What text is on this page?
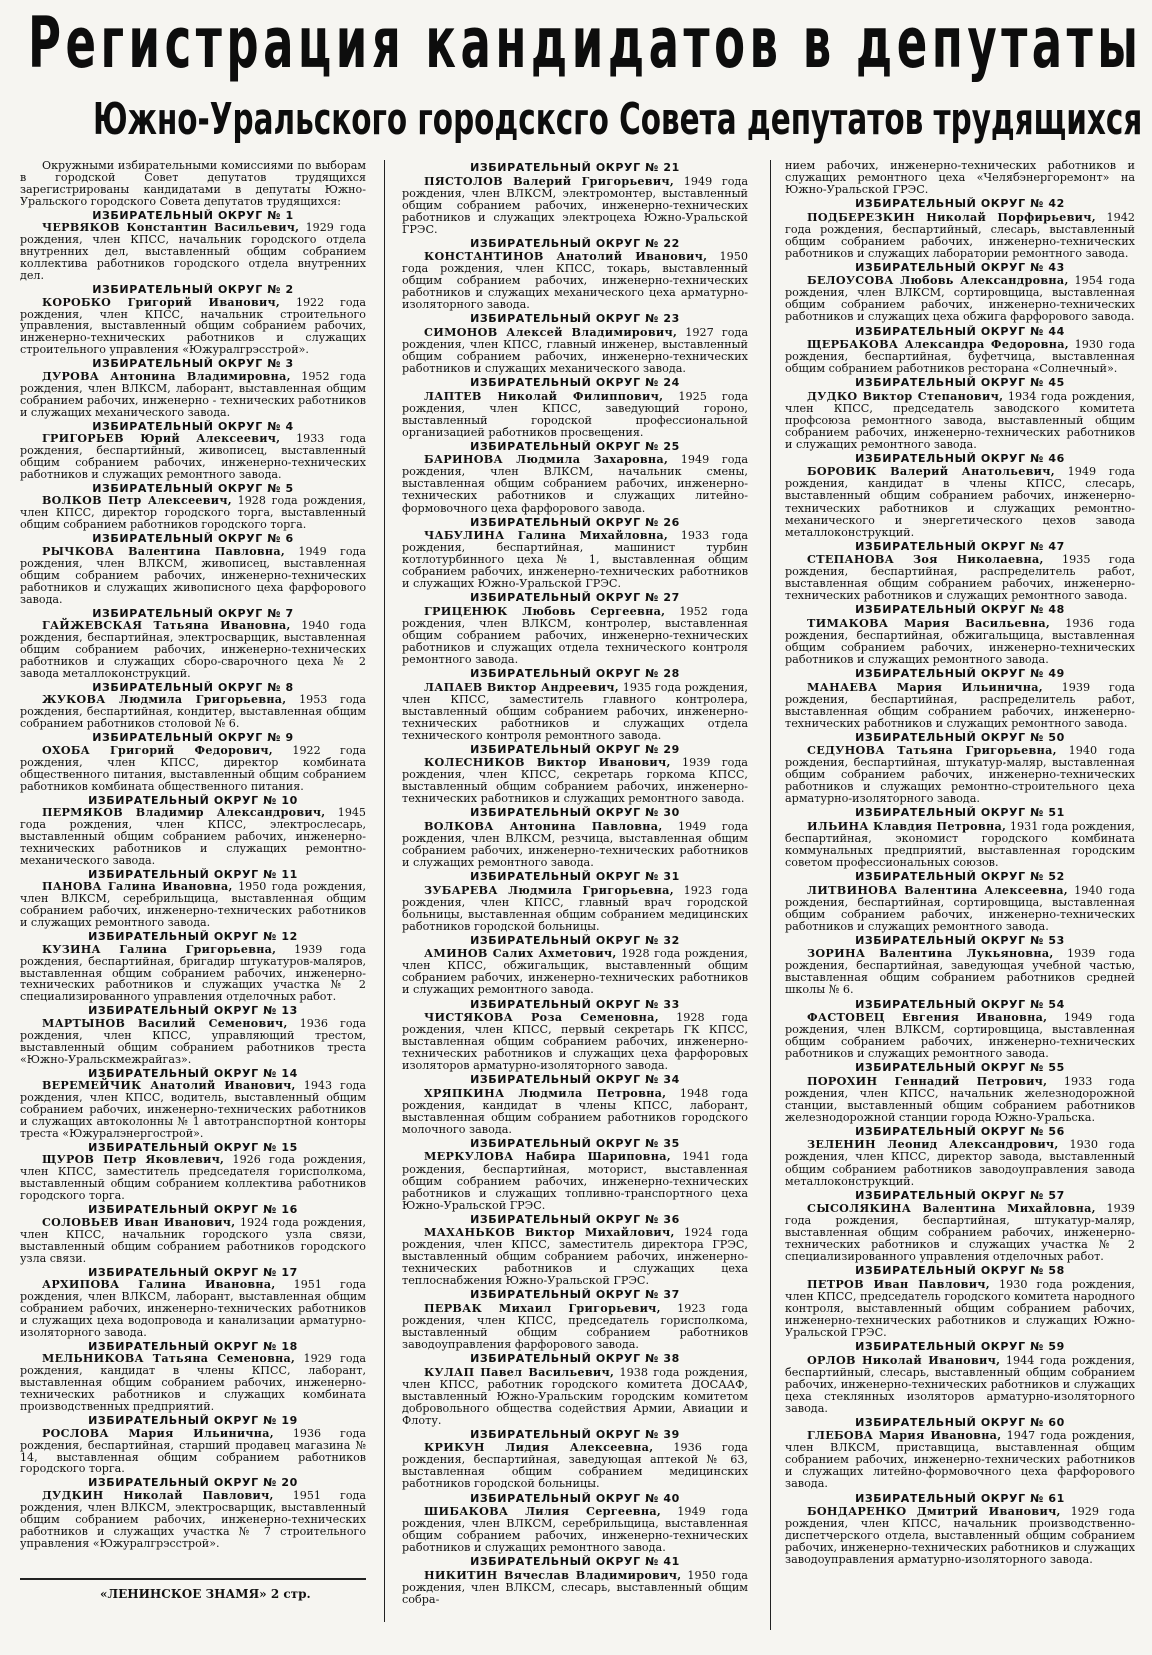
Регистрация кандидатов в депутаты
Южно-Уральского городсксго Совета депутатов трудящихся

Окружными избирательными комиссиями по выборам в городской Совет депутатов трудящихся зарегистрированы кандидатами в депутаты Южно-Уральского городского Совета депутатов трудящихся:

ИЗБИРАТЕЛЬНЫЙ ОКРУГ № 1
ЧЕРВЯКОВ Константин Васильевич, 1929 года рождения, член КПСС, начальник городского отдела внутренних дел, выставленный общим собранием коллектива работников городского отдела внутренних дел.
ИЗБИРАТЕЛЬНЫЙ ОКРУГ № 2
КОРОБКО Григорий Иванович, 1922 года рождения, член КПСС, начальник строительного управления, выставленный общим собранием рабочих, инженерно-технических работников и служащих строительного управления «Южуралгрэсстрой».
ИЗБИРАТЕЛЬНЫЙ ОКРУГ № 3
ДУРОВА Антонина Владимировна, 1952 года рождения, член ВЛКСМ, лаборант, выставленная общим собранием рабочих, инженерно - технических работников и служащих механического завода.
ИЗБИРАТЕЛЬНЫЙ ОКРУГ № 4
ГРИГОРЬЕВ Юрий Алексеевич, 1933 года рождения, беспартийный, живописец, выставленный общим собранием рабочих, инженерно-технических работников и служащих ремонтного завода.
ИЗБИРАТЕЛЬНЫЙ ОКРУГ № 5
ВОЛКОВ Петр Алексеевич, 1928 года рождения, член КПСС, директор городского торга, выставленный общим собранием работников городского торга.
ИЗБИРАТЕЛЬНЫЙ ОКРУГ № 6
РЫЧКОВА Валентина Павловна, 1949 года рождения, член ВЛКСМ, живописец, выставленная общим собранием рабочих, инженерно-технических работников и служащих живописного цеха фарфорового завода.
ИЗБИРАТЕЛЬНЫЙ ОКРУГ № 7
ГАЙЖЕВСКАЯ Татьяна Ивановна, 1940 года рождения, беспартийная, электросварщик, выставленная общим собранием рабочих, инженерно-технических работников и служащих сборо-сварочного цеха № 2 завода металлоконструкций.
ИЗБИРАТЕЛЬНЫЙ ОКРУГ № 8
ЖУКОВА Людмила Григорьевна, 1953 года рождения, беспартийная, кондитер, выставленная общим собранием работников столовой № 6.
ИЗБИРАТЕЛЬНЫЙ ОКРУГ № 9
ОХОБА Григорий Федорович, 1922 года рождения, член КПСС, директор комбината общественного питания, выставленный общим собранием работников комбината общественного питания.
ИЗБИРАТЕЛЬНЫЙ ОКРУГ № 10
ПЕРМЯКОВ Владимир Александрович, 1945 года рождения, член КПСС, электрослесарь, выставленный общим собранием рабочих, инженерно-технических работников и служащих ремонтно-механического завода.
ИЗБИРАТЕЛЬНЫЙ ОКРУГ № 11
ПАНОВА Галина Ивановна, 1950 года рождения, член ВЛКСМ, серебрильщица, выставленная общим собранием рабочих, инженерно-технических работников и служащих ремонтного завода.
ИЗБИРАТЕЛЬНЫЙ ОКРУГ № 12
КУЗИНА Галина Григорьевна, 1939 года рождения, беспартийная, бригадир штукатуров-маляров, выставленная общим собранием рабочих, инженерно-технических работников и служащих участка № 2 специализированного управления отделочных работ.
ИЗБИРАТЕЛЬНЫЙ ОКРУГ № 13
МАРТЫНОВ Василий Семенович, 1936 года рождения, член КПСС, управляющий трестом, выставленный общим собранием работников треста «Южно-Уральскмежрайгаз».
ИЗБИРАТЕЛЬНЫЙ ОКРУГ № 14
ВЕРЕМЕЙЧИК Анатолий Иванович, 1943 года рождения, член КПСС, водитель, выставленный общим собранием рабочих, инженерно-технических работников и служащих автоколонны № 1 автотранспортной конторы треста «Южуралэнергострой».
ИЗБИРАТЕЛЬНЫЙ ОКРУГ № 15
ЩУРОВ Петр Яковлевич, 1926 года рождения, член КПСС, заместитель председателя горисполкома, выставленный общим собранием коллектива работников городского торга.
ИЗБИРАТЕЛЬНЫЙ ОКРУГ № 16
СОЛОВЬЕВ Иван Иванович, 1924 года рождения, член КПСС, начальник городского узла связи, выставленный общим собранием работников городского узла связи.
ИЗБИРАТЕЛЬНЫЙ ОКРУГ № 17
АРХИПОВА Галина Ивановна, 1951 года рождения, член ВЛКСМ, лаборант, выставленная общим собранием рабочих, инженерно-технических работников и служащих цеха водопровода и канализации арматурно-изоляторного завода.
ИЗБИРАТЕЛЬНЫЙ ОКРУГ № 18
МЕЛЬНИКОВА Татьяна Семеновна, 1929 года рождения, кандидат в члены КПСС, лаборант, выставленная общим собранием рабочих, инженерно-технических работников и служащих комбината производственных предприятий.
ИЗБИРАТЕЛЬНЫЙ ОКРУГ № 19
РОСЛОВА Мария Ильинична, 1936 года рождения, беспартийная, старший продавец магазина № 14, выставленная общим собранием работников городского торга.
ИЗБИРАТЕЛЬНЫЙ ОКРУГ № 20
ДУДКИН Николай Павлович, 1951 года рождения, член ВЛКСМ, электросварщик, выставленный общим собранием рабочих, инженерно-технических работников и служащих участка № 7 строительного управления «Южуралгрэсстрой».
ИЗБИРАТЕЛЬНЫЙ ОКРУГ № 21
ПЯСТОЛОВ Валерий Григорьевич, 1949 года рождения, член ВЛКСМ, электромонтер, выставленный общим собранием рабочих, инженерно-технических работников и служащих электроцеха Южно-Уральской ГРЭС.
ИЗБИРАТЕЛЬНЫЙ ОКРУГ № 22
КОНСТАНТИНОВ Анатолий Иванович, 1950 года рождения, член КПСС, токарь, выставленный общим собранием рабочих, инженерно-технических работников и служащих механического цеха арматурно-изоляторного завода.
ИЗБИРАТЕЛЬНЫЙ ОКРУГ № 23
СИМОНОВ Алексей Владимирович, 1927 года рождения, член КПСС, главный инженер, выставленный общим собранием рабочих, инженерно-технических работников и служащих механического завода.
ИЗБИРАТЕЛЬНЫЙ ОКРУГ № 24
ЛАПТЕВ Николай Филиппович, 1925 года рождения, член КПСС, заведующий гороно, выставленный городской профессиональной организацией работников просвещения.
ИЗБИРАТЕЛЬНЫЙ ОКРУГ № 25
БАРИНОВА Людмила Захаровна, 1949 года рождения, член ВЛКСМ, начальник смены, выставленная общим собранием рабочих, инженерно-технических работников и служащих литейно-формовочного цеха фарфорового завода.
ИЗБИРАТЕЛЬНЫЙ ОКРУГ № 26
ЧАБУЛИНА Галина Михайловна, 1933 года рождения, беспартийная, машинист турбин котлотурбинного цеха № 1, выставленная общим собранием рабочих, инженерно-технических работников и служащих Южно-Уральской ГРЭС.
ИЗБИРАТЕЛЬНЫЙ ОКРУГ № 27
ГРИЦЕНЮК Любовь Сергеевна, 1952 года рождения, член ВЛКСМ, контролер, выставленная общим собранием рабочих, инженерно-технических работников и служащих отдела технического контроля ремонтного завода.
ИЗБИРАТЕЛЬНЫЙ ОКРУГ № 28
ЛАПАЕВ Виктор Андреевич, 1935 года рождения, член КПСС, заместитель главного контролера, выставленный общим собранием рабочих, инженерно-технических работников и служащих отдела технического контроля ремонтного завода.
ИЗБИРАТЕЛЬНЫЙ ОКРУГ № 29
КОЛЕСНИКОВ Виктор Иванович, 1939 года рождения, член КПСС, секретарь горкома КПСС, выставленный общим собранием рабочих, инженерно-технических работников и служащих ремонтного завода.
ИЗБИРАТЕЛЬНЫЙ ОКРУГ № 30
ВОЛКОВА Антонина Павловна, 1949 года рождения, член ВЛКСМ, резчица, выставленная общим собранием рабочих, инженерно-технических работников и служащих ремонтного завода.
ИЗБИРАТЕЛЬНЫЙ ОКРУГ № 31
ЗУБАРЕВА Людмила Григорьевна, 1923 года рождения, член КПСС, главный врач городской больницы, выставленная общим собранием медицинских работников городской больницы.
ИЗБИРАТЕЛЬНЫЙ ОКРУГ № 32
АМИНОВ Салих Ахметович, 1928 года рождения, член КПСС, обжигальщик, выставленный общим собранием рабочих, инженерно-технических работников и служащих ремонтного завода.
ИЗБИРАТЕЛЬНЫЙ ОКРУГ № 33
ЧИСТЯКОВА Роза Семеновна, 1928 года рождения, член КПСС, первый секретарь ГК КПСС, выставленная общим собранием рабочих, инженерно-технических работников и служащих цеха фарфоровых изоляторов арматурно-изоляторного завода.
ИЗБИРАТЕЛЬНЫЙ ОКРУГ № 34
ХРЯПКИНА Людмила Петровна, 1948 года рождения, кандидат в члены КПСС, лаборант, выставленная общим собранием работников городского молочного завода.
ИЗБИРАТЕЛЬНЫЙ ОКРУГ № 35
МЕРКУЛОВА Набира Шариповна, 1941 года рождения, беспартийная, моторист, выставленная общим собранием рабочих, инженерно-технических работников и служащих топливно-транспортного цеха Южно-Уральской ГРЭС.
ИЗБИРАТЕЛЬНЫЙ ОКРУГ № 36
МАХАНЬКОВ Виктор Михайлович, 1924 года рождения, член КПСС, заместитель директора ГРЭС, выставленный общим собранием рабочих, инженерно-технических работников и служащих цеха теплоснабжения Южно-Уральской ГРЭС.
ИЗБИРАТЕЛЬНЫЙ ОКРУГ № 37
ПЕРВАК Михаил Григорьевич, 1923 года рождения, член КПСС, председатель горисполкома, выставленный общим собранием работников заводоуправления фарфорового завода.
ИЗБИРАТЕЛЬНЫЙ ОКРУГ № 38
КУЛАП Павел Васильевич, 1938 года рождения, член КПСС, работник городского комитета ДОСААФ, выставленный Южно-Уральским городским комитетом добровольного общества содействия Армии, Авиации и Флоту.
ИЗБИРАТЕЛЬНЫЙ ОКРУГ № 39
КРИКУН Лидия Алексеевна, 1936 года рождения, беспартийная, заведующая аптекой № 63, выставленная общим собранием медицинских работников городской больницы.
ИЗБИРАТЕЛЬНЫЙ ОКРУГ № 40
ШИБАКОВА Лилия Сергеевна, 1949 года рождения, член ВЛКСМ, серебрильщица, выставленная общим собранием рабочих, инженерно-технических работников и служащих ремонтного завода.
ИЗБИРАТЕЛЬНЫЙ ОКРУГ № 41
НИКИТИН Вячеслав Владимирович, 1950 года рождения, член ВЛКСМ, слесарь, выставленный общим собра-

нием рабочих, инженерно-технических работников и служащих ремонтного цеха «Челябэнергоремонт» на Южно-Уральской ГРЭС.

ИЗБИРАТЕЛЬНЫЙ ОКРУГ № 42
ПОДБЕРЕЗКИН Николай Порфирьевич, 1942 года рождения, беспартийный, слесарь, выставленный общим собранием рабочих, инженерно-технических работников и служащих лаборатории ремонтного завода.
ИЗБИРАТЕЛЬНЫЙ ОКРУГ № 43
БЕЛОУСОВА Любовь Александровна, 1954 года рождения, член ВЛКСМ, сортировщица, выставленная общим собранием рабочих, инженерно-технических работников и служащих цеха обжига фарфорового завода.
ИЗБИРАТЕЛЬНЫЙ ОКРУГ № 44
ЩЕРБАКОВА Александра Федоровна, 1930 года рождения, беспартийная, буфетчица, выставленная общим собранием работников ресторана «Солнечный».
ИЗБИРАТЕЛЬНЫЙ ОКРУГ № 45
ДУДКО Виктор Степанович, 1934 года рождения, член КПСС, председатель заводского комитета профсоюза ремонтного завода, выставленный общим собранием рабочих, инженерно-технических работников и служащих ремонтного завода.
ИЗБИРАТЕЛЬНЫЙ ОКРУГ № 46
БОРОВИК Валерий Анатольевич, 1949 года рождения, кандидат в члены КПСС, слесарь, выставленный общим собранием рабочих, инженерно-технических работников и служащих ремонтно-механического и энергетического цехов завода металлоконструкций.
ИЗБИРАТЕЛЬНЫЙ ОКРУГ № 47
СТЕПАНОВА Зоя Николаевна, 1935 года рождения, беспартийная, распределитель работ, выставленная общим собранием рабочих, инженерно-технических работников и служащих ремонтного завода.
ИЗБИРАТЕЛЬНЫЙ ОКРУГ № 48
ТИМАКОВА Мария Васильевна, 1936 года рождения, беспартийная, обжигальщица, выставленная общим собранием рабочих, инженерно-технических работников и служащих ремонтного завода.
ИЗБИРАТЕЛЬНЫЙ ОКРУГ № 49
МАНАЕВА Мария Ильинична, 1939 года рождения, беспартийная, распределитель работ, выставленная общим собранием рабочих, инженерно-технических работников и служащих ремонтного завода.
ИЗБИРАТЕЛЬНЫЙ ОКРУГ № 50
СЕДУНОВА Татьяна Григорьевна, 1940 года рождения, беспартийная, штукатур-маляр, выставленная общим собранием рабочих, инженерно-технических работников и служащих ремонтно-строительного цеха арматурно-изоляторного завода.
ИЗБИРАТЕЛЬНЫЙ ОКРУГ № 51
ИЛЬИНА Клавдия Петровна, 1931 года рождения, беспартийная, экономист городского комбината коммунальных предприятий, выставленная городским советом профессиональных союзов.
ИЗБИРАТЕЛЬНЫЙ ОКРУГ № 52
ЛИТВИНОВА Валентина Алексеевна, 1940 года рождения, беспартийная, сортировщица, выставленная общим собранием рабочих, инженерно-технических работников и служащих ремонтного завода.
ИЗБИРАТЕЛЬНЫЙ ОКРУГ № 53
ЗОРИНА Валентина Лукьяновна, 1939 года рождения, беспартийная, заведующая учебной частью, выставленная общим собранием работников средней школы № 6.
ИЗБИРАТЕЛЬНЫЙ ОКРУГ № 54
ФАСТОВЕЦ Евгения Ивановна, 1949 года рождения, член ВЛКСМ, сортировщица, выставленная общим собранием рабочих, инженерно-технических работников и служащих ремонтного завода.
ИЗБИРАТЕЛЬНЫЙ ОКРУГ № 55
ПОРОХИН Геннадий Петрович, 1933 года рождения, член КПСС, начальник железнодорожной станции, выставленный общим собранием работников железнодорожной станции города Южно-Уральска.
ИЗБИРАТЕЛЬНЫЙ ОКРУГ № 56
ЗЕЛЕНИН Леонид Александрович, 1930 года рождения, член КПСС, директор завода, выставленный общим собранием работников заводоуправления завода металлоконструкций.
ИЗБИРАТЕЛЬНЫЙ ОКРУГ № 57
СЫСОЛЯКИНА Валентина Михайловна, 1939 года рождения, беспартийная, штукатур-маляр, выставленная общим собранием рабочих, инженерно-технических работников и служащих участка № 2 специализированного управления отделочных работ.
ИЗБИРАТЕЛЬНЫЙ ОКРУГ № 58
ПЕТРОВ Иван Павлович, 1930 года рождения, член КПСС, председатель городского комитета народного контроля, выставленный общим собранием рабочих, инженерно-технических работников и служащих Южно-Уральской ГРЭС.
ИЗБИРАТЕЛЬНЫЙ ОКРУГ № 59
ОРЛОВ Николай Иванович, 1944 года рождения, беспартийный, слесарь, выставленный общим собранием рабочих, инженерно-технических работников и служащих цеха стеклянных изоляторов арматурно-изоляторного завода.
ИЗБИРАТЕЛЬНЫЙ ОКРУГ № 60
ГЛЕБОВА Мария Ивановна, 1947 года рождения, член ВЛКСМ, приставщица, выставленная общим собранием рабочих, инженерно-технических работников и служащих литейно-формовочного цеха фарфорового завода.
ИЗБИРАТЕЛЬНЫЙ ОКРУГ № 61
БОНДАРЕНКО Дмитрий Иванович, 1929 года рождения, член КПСС, начальник производственно-диспетчерского отдела, выставленный общим собранием рабочих, инженерно-технических работников и служащих заводоуправления арматурно-изоляторного завода.
«ЛЕНИНСКОЕ ЗНАМЯ» 2 стр.
